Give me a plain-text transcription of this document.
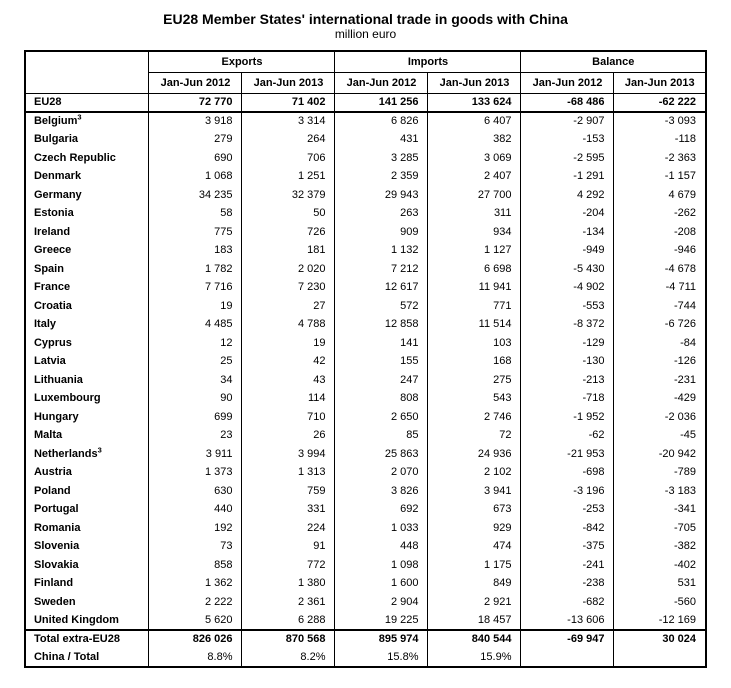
EU28 Member States' international trade in goods with China
million euro
	Exports		Imports		Balance	
	Jan-Jun 2012	Jan-Jun 2013	Jan-Jun 2012	Jan-Jun 2013	Jan-Jun 2012	Jan-Jun 2013
EU28	72 770	71 402	141 256	133 624	-68 486	-62 222
Belgium$^3$	3 918	3 314	6 826	6 407	-2 907	-3 093
Bulgaria	279	264	431	382	-153	-118
Czech Republic	690	706	3 285	3 069	-2 595	-2 363
Denmark	1 068	1 251	2 359	2 407	-1 291	-1 157
Germany	34 235	32 379	29 943	27 700	4 292	4 679
Estonia	58	50	263	311	-204	-262
Ireland	775	726	909	934	-134	-208
Greece	183	181	1 132	1 127	-949	-946
Spain	1 782	2 020	7 212	6 698	-5 430	-4 678
France	7 716	7 230	12 617	11 941	-4 902	-4 711
Croatia	19	27	572	771	-553	-744
Italy	4 485	4 788	12 858	11 514	-8 372	-6 726
Cyprus	12	19	141	103	-129	-84
Latvia	25	42	155	168	-130	-126
Lithuania	34	43	247	275	-213	-231
Luxembourg	90	114	808	543	-718	-429
Hungary	699	710	2 650	2 746	-1 952	-2 036
Malta	23	26	85	72	-62	-45
Netherlands$^3$	3 911	3 994	25 863	24 936	-21 953	-20 942
Austria	1 373	1 313	2 070	2 102	-698	-789
Poland	630	759	3 826	3 941	-3 196	-3 183
Portugal	440	331	692	673	-253	-341
Romania	192	224	1 033	929	-842	-705
Slovenia	73	91	448	474	-375	-382
Slovakia	858	772	1 098	1 175	-241	-402
Finland	1 362	1 380	1 600	849	-238	531
Sweden	2 222	2 361	2 904	2 921	-682	-560
United Kingdom	5 620	6 288	19 225	18 457	-13 606	-12 169
Total extra-EU28	826 026	870 568	895 974	840 544	-69 947	30 024
China / Total	8.8%	8.2%	15.8%	15.9%		
